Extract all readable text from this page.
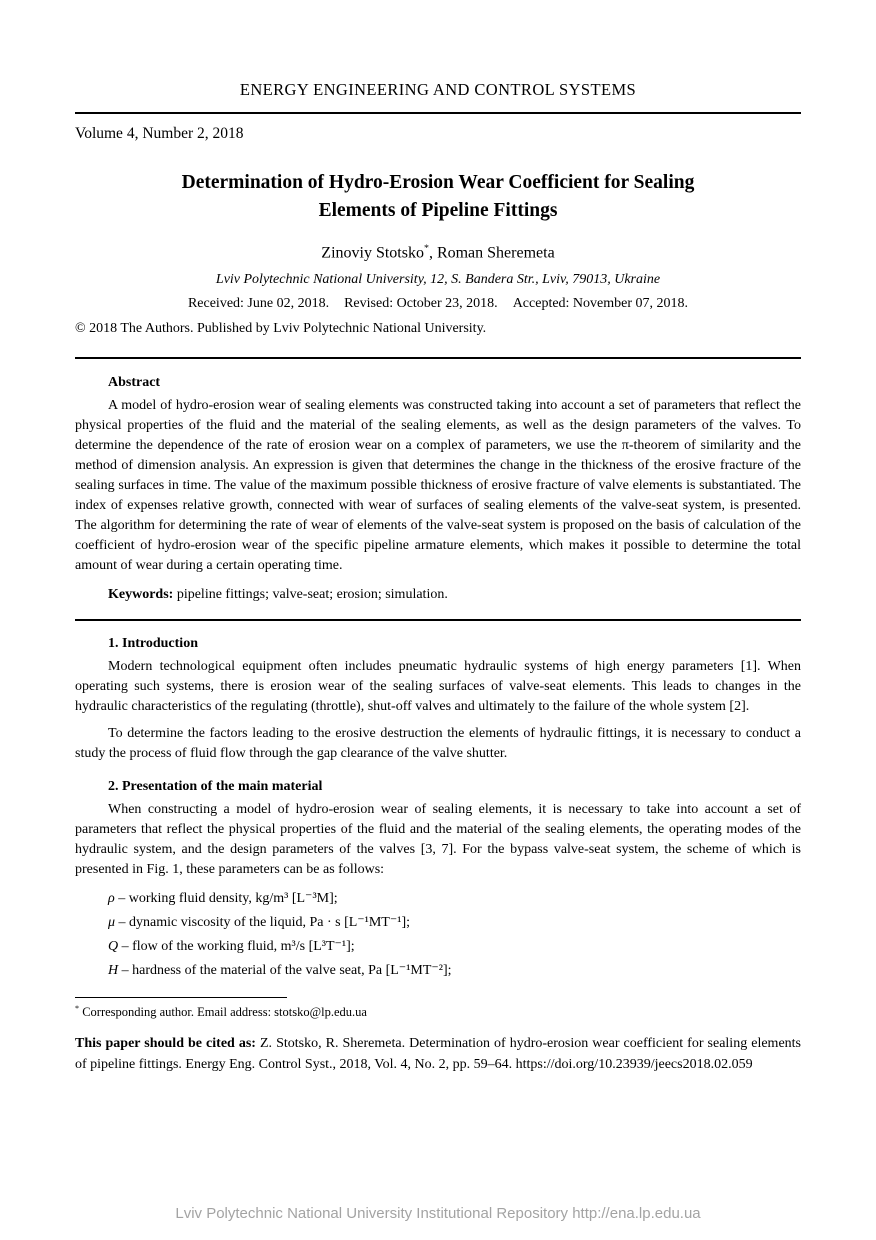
ENERGY ENGINEERING AND CONTROL SYSTEMS
Volume 4, Number 2, 2018
Determination of Hydro-Erosion Wear Coefficient for Sealing
Elements of Pipeline Fittings
Zinoviy Stotsko*, Roman Sheremeta
Lviv Polytechnic National University, 12, S. Bandera Str., Lviv, 79013, Ukraine
Received: June 02, 2018. Revised: October 23, 2018. Accepted: November 07, 2018.
© 2018 The Authors. Published by Lviv Polytechnic National University.
Abstract

A model of hydro-erosion wear of sealing elements was constructed taking into account a set of parameters that reflect the physical properties of the fluid and the material of the sealing elements, as well as the design parameters of the valves. To determine the dependence of the rate of erosion wear on a complex of parameters, we use the π-theorem of similarity and the method of dimension analysis. An expression is given that determines the change in the thickness of the erosive fracture of the sealing surfaces in time. The value of the maximum possible thickness of erosive fracture of valve elements is substantiated. The index of expenses relative growth, connected with wear of surfaces of sealing elements of the valve-seat system, is presented. The algorithm for determining the rate of wear of elements of the valve-seat system is proposed on the basis of calculation of the coefficient of hydro-erosion wear of the specific pipeline armature elements, which makes it possible to determine the total amount of wear during a certain operating time.

Keywords: pipeline fittings; valve-seat; erosion; simulation.

1. Introduction

Modern technological equipment often includes pneumatic hydraulic systems of high energy parameters [1]. When operating such systems, there is erosion wear of the sealing surfaces of valve-seat elements. This leads to changes in the hydraulic characteristics of the regulating (throttle), shut-off valves and ultimately to the failure of the whole system [2].

To determine the factors leading to the erosive destruction the elements of hydraulic fittings, it is necessary to conduct a study the process of fluid flow through the gap clearance of the valve shutter.

2. Presentation of the main material

When constructing a model of hydro-erosion wear of sealing elements, it is necessary to take into account a set of parameters that reflect the physical properties of the fluid and the material of the sealing elements, the operating modes of the hydraulic system, and the design parameters of the valves [3, 7]. For the bypass valve-seat system, the scheme of which is presented in Fig. 1, these parameters can be as follows:

ρ – working fluid density, kg/m³ [L⁻³M];
μ – dynamic viscosity of the liquid, Pa · s [L⁻¹MT⁻¹];
Q – flow of the working fluid, m³/s [L³T⁻¹];
H – hardness of the material of the valve seat, Pa [L⁻¹MT⁻²];
* Corresponding author. Email address: stotsko@lp.edu.ua

This paper should be cited as: Z. Stotsko, R. Sheremeta. Determination of hydro-erosion wear coefficient for sealing elements of pipeline fittings. Energy Eng. Control Syst., 2018, Vol. 4, No. 2, pp. 59–64. https://doi.org/10.23939/jeecs2018.02.059

Lviv Polytechnic National University Institutional Repository http://ena.lp.edu.ua
